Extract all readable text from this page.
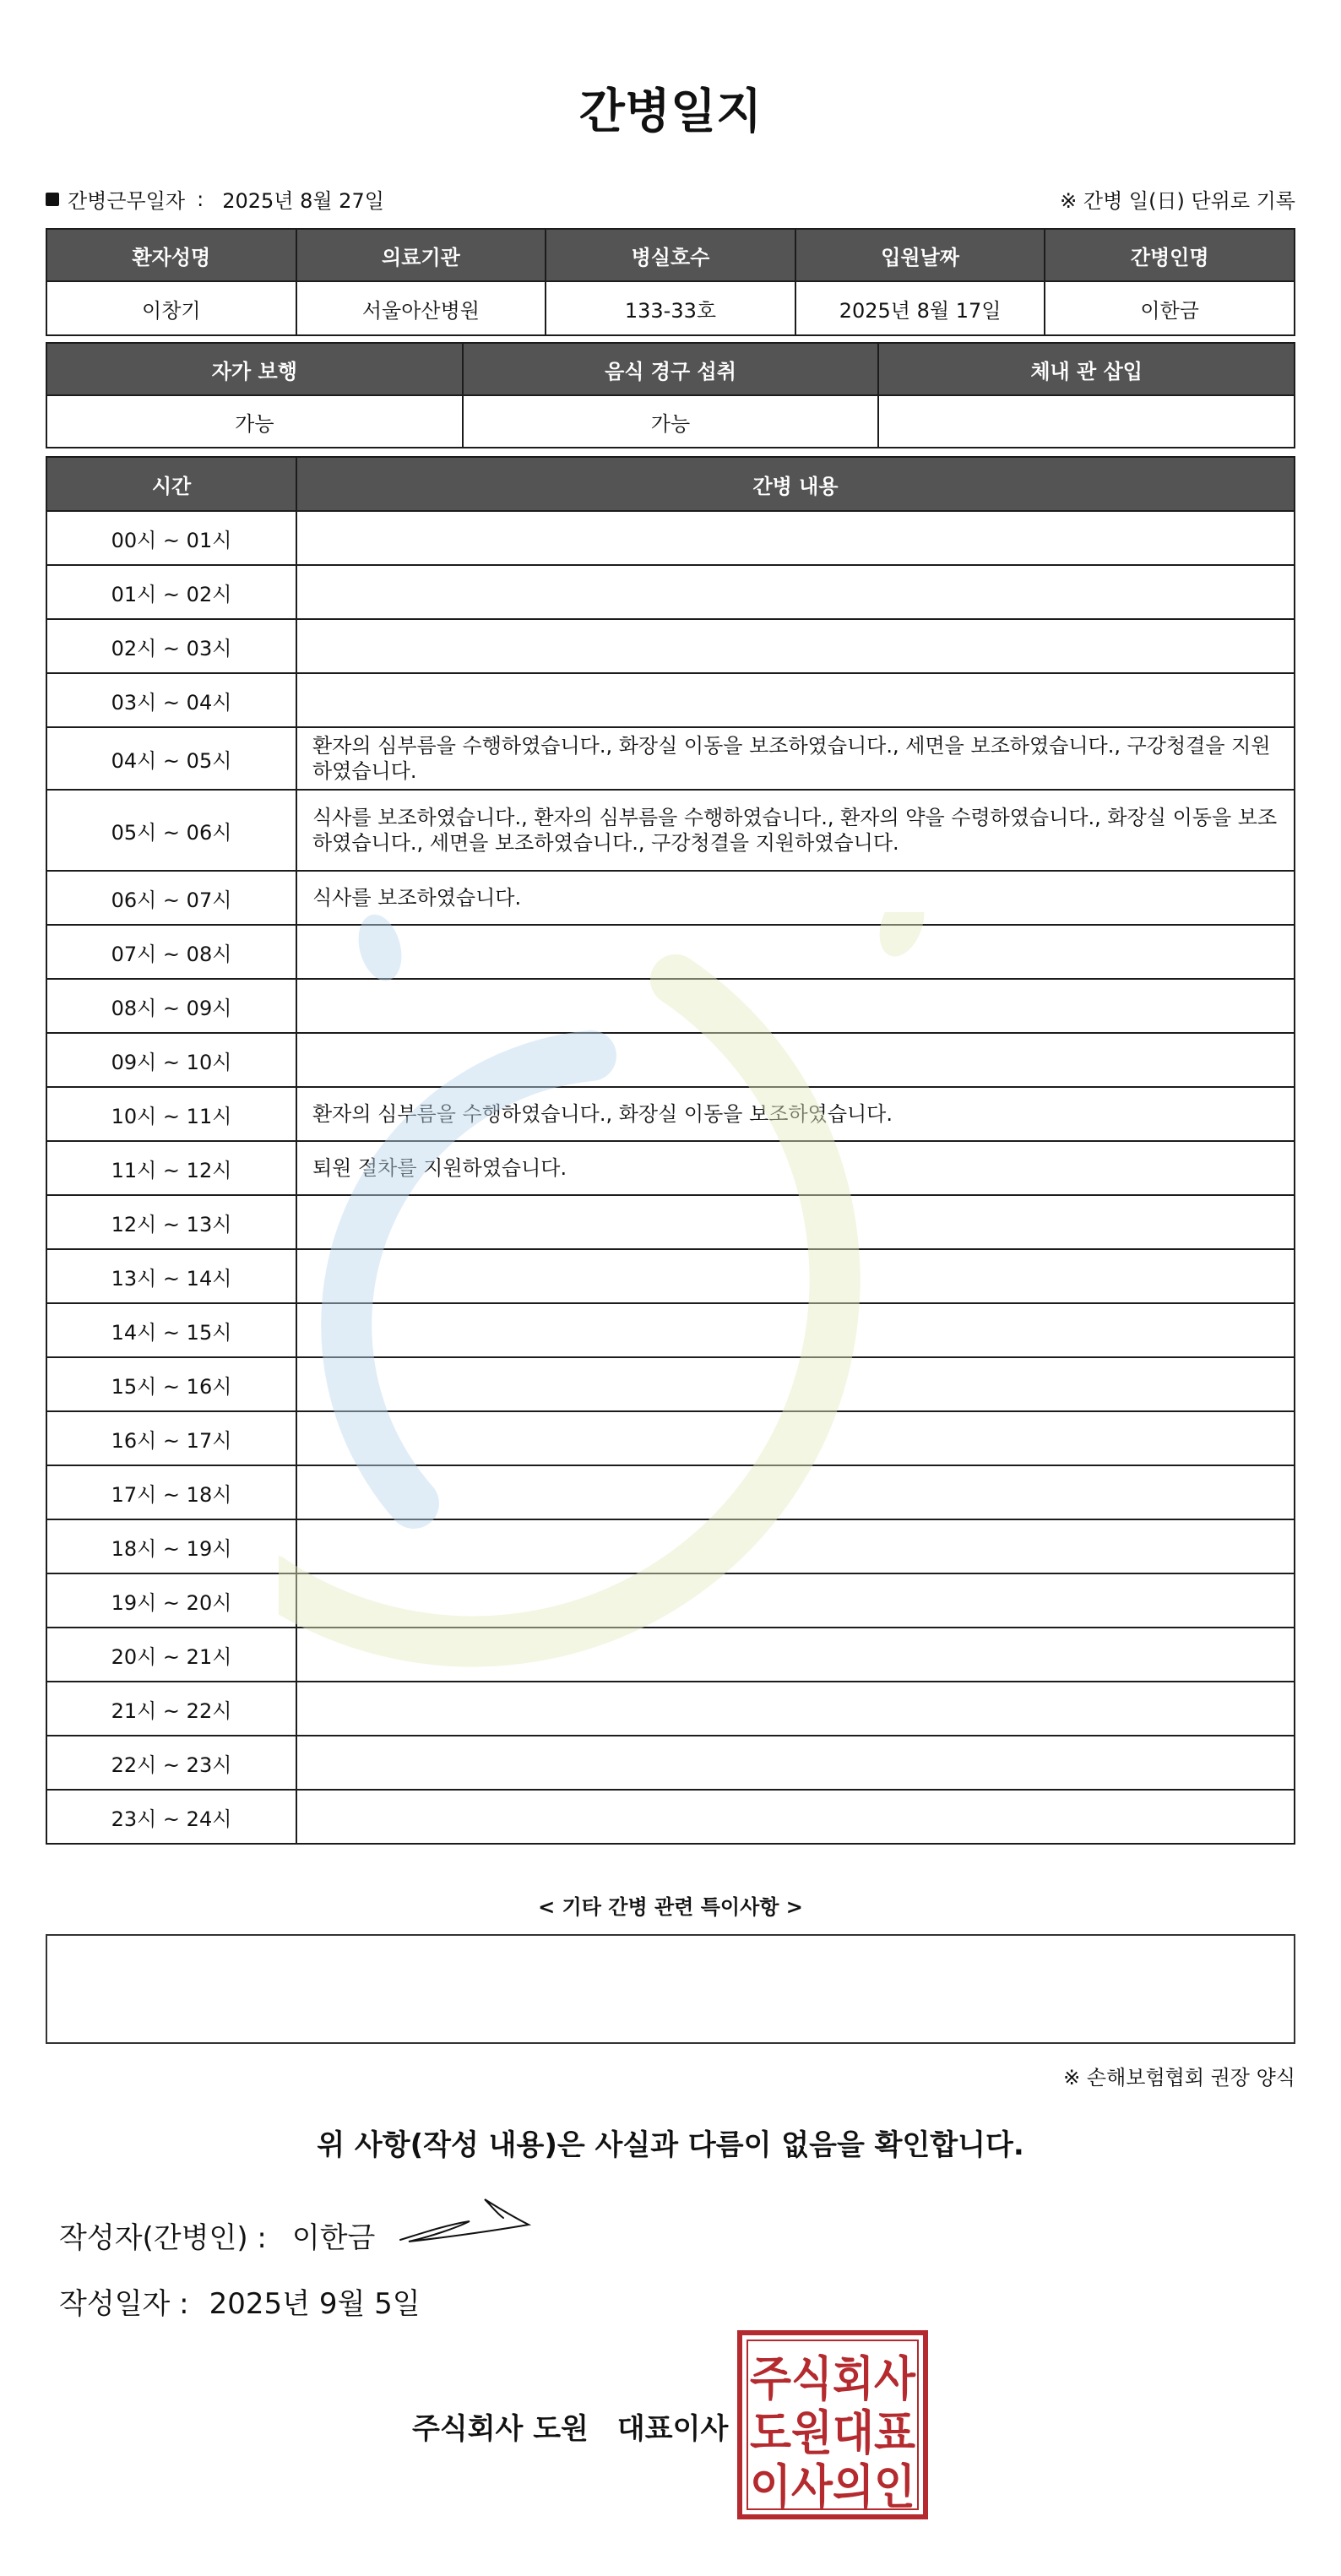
간병일지
간병근무일자 : 2025년 8월 27일	※ 간병 일(日) 단위로 기록
환자성명	의료기관	병실호수	입원날짜	간병인명
이창기	서울아산병원	133-33호	2025년 8월 17일	이한금
자가 보행	음식 경구 섭취	체내 관 삽입
가능	가능	
시간	간병 내용
00시 ~ 01시	
01시 ~ 02시	
02시 ~ 03시	
03시 ~ 04시	
04시 ~ 05시	환자의 심부름을 수행하였습니다., 화장실 이동을 보조하였습니다., 세면을 보조하였습니다., 구강청결을 지원하였습니다.
05시 ~ 06시	식사를 보조하였습니다., 환자의 심부름을 수행하였습니다., 환자의 약을 수령하였습니다., 화장실 이동을 보조하였습니다., 세면을 보조하였습니다., 구강청결을 지원하였습니다.
06시 ~ 07시	식사를 보조하였습니다.
07시 ~ 08시	
08시 ~ 09시	
09시 ~ 10시	
10시 ~ 11시	환자의 심부름을 수행하였습니다., 화장실 이동을 보조하였습니다.
11시 ~ 12시	퇴원 절차를 지원하였습니다.
12시 ~ 13시	
13시 ~ 14시	
14시 ~ 15시	
15시 ~ 16시	
16시 ~ 17시	
17시 ~ 18시	
18시 ~ 19시	
19시 ~ 20시	
20시 ~ 21시	
21시 ~ 22시	
22시 ~ 23시	
23시 ~ 24시	
< 기타 간병 관련 특이사항 >
※ 손해보험협회 권장 양식
위 사항(작성 내용)은 사실과 다름이 없음을 확인합니다.
작성자(간병인) : 이한금
작성일자 : 2025년 9월 5일
주식회사 도원 대표이사
주식회사
도원대표
이사의인
